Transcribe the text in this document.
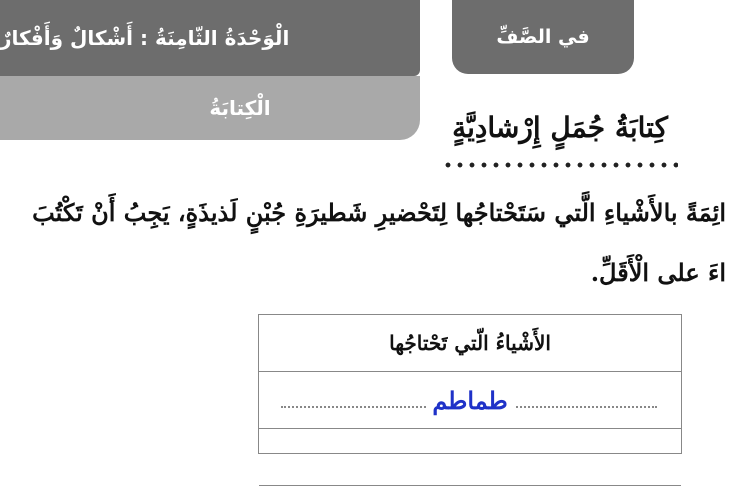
الْوَحْدَةُ الثّامِنَةُ : أَشْكالٌ وَأَفْكارٌ
الْكِتابَةُ
في الصَّفِّ
كِتابَةُ جُمَلٍ إِرْشادِيَّةٍ
ائِمَةً بالأَشْياءِ الَّتي سَتَحْتاجُها لِتَحْضيرِ شَطيرَةِ جُبْنٍ لَذيذَةٍ، يَجِبُ أَنْ تَكْتُبَ
اءَ على الْأَقَلِّ.
الأَشْياءُ الّتي تَحْتاجُها
طماطم
